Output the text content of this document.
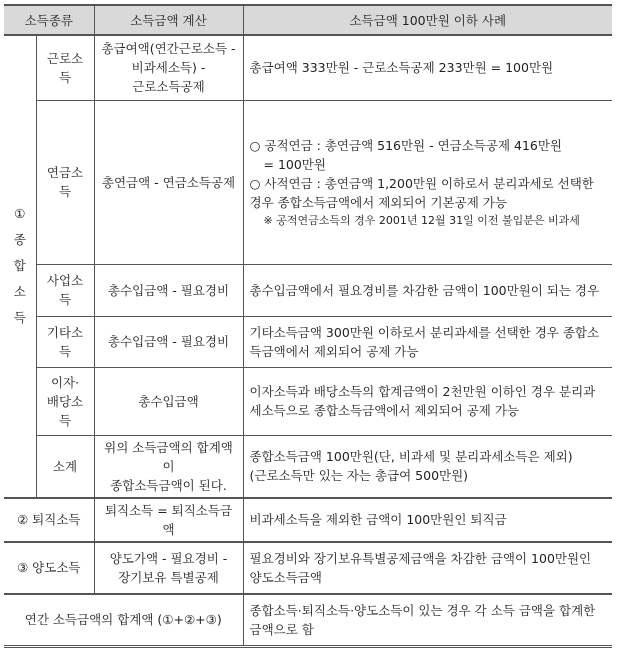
소득종류		소득금액 계산	소득금액 100만원 이하 사례

①
종
합
소
득	근로소
득	총급여액(연간근로소득 -
비과세소득) -
근로소득공제	총급여액 333만원 - 근로소득공제 233만원 = 100만원

	연금소
득	총연금액 - 연금소득공제	○ 공적연금 : 총연금액 516만원 - 연금소득공제 416만원
= 100만원
○ 사적연금 : 총연금액 1,200만원 이하로서 분리과세로 선택한 경우 종합소득금액에서 제외되어 기본공제 가능
※ 공적연금소득의 경우 2001년 12월 31일 이전 불입분은 비과세

	사업소
득	총수입금액 - 필요경비	총수입금액에서 필요경비를 차감한 금액이 100만원이 되는 경우

	기타소
득	총수입금액 - 필요경비	기타소득금액 300만원 이하로서 분리과세를 선택한 경우 종합소득금액에서 제외되어 공제 가능

	이자·
배당소
득	총수입금액	이자소득과 배당소득의 합계금액이 2천만원 이하인 경우 분리과세소득으로 종합소득금액에서 제외되어 공제 가능
	소계	위의 소득금액의 합계액이
종합소득금액이 된다.	종합소득금액 100만원(단, 비과세 및 분리과세소득은 제외)
(근로소득만 있는 자는 총급여 500만원)

② 퇴직소득		퇴직소득 = 퇴직소득금액	비과세소득을 제외한 금액이 100만원인 퇴직금
③ 양도소득		양도가액 - 필요경비 -
장기보유 특별공제	필요경비와 장기보유특별공제금액을 차감한 금액이 100만원인 양도소득금액
연간 소득금액의 합계액 (①+②+③)			종합소득·퇴직소득·양도소득이 있는 경우 각 소득 금액을 합계한 금액으로 함
